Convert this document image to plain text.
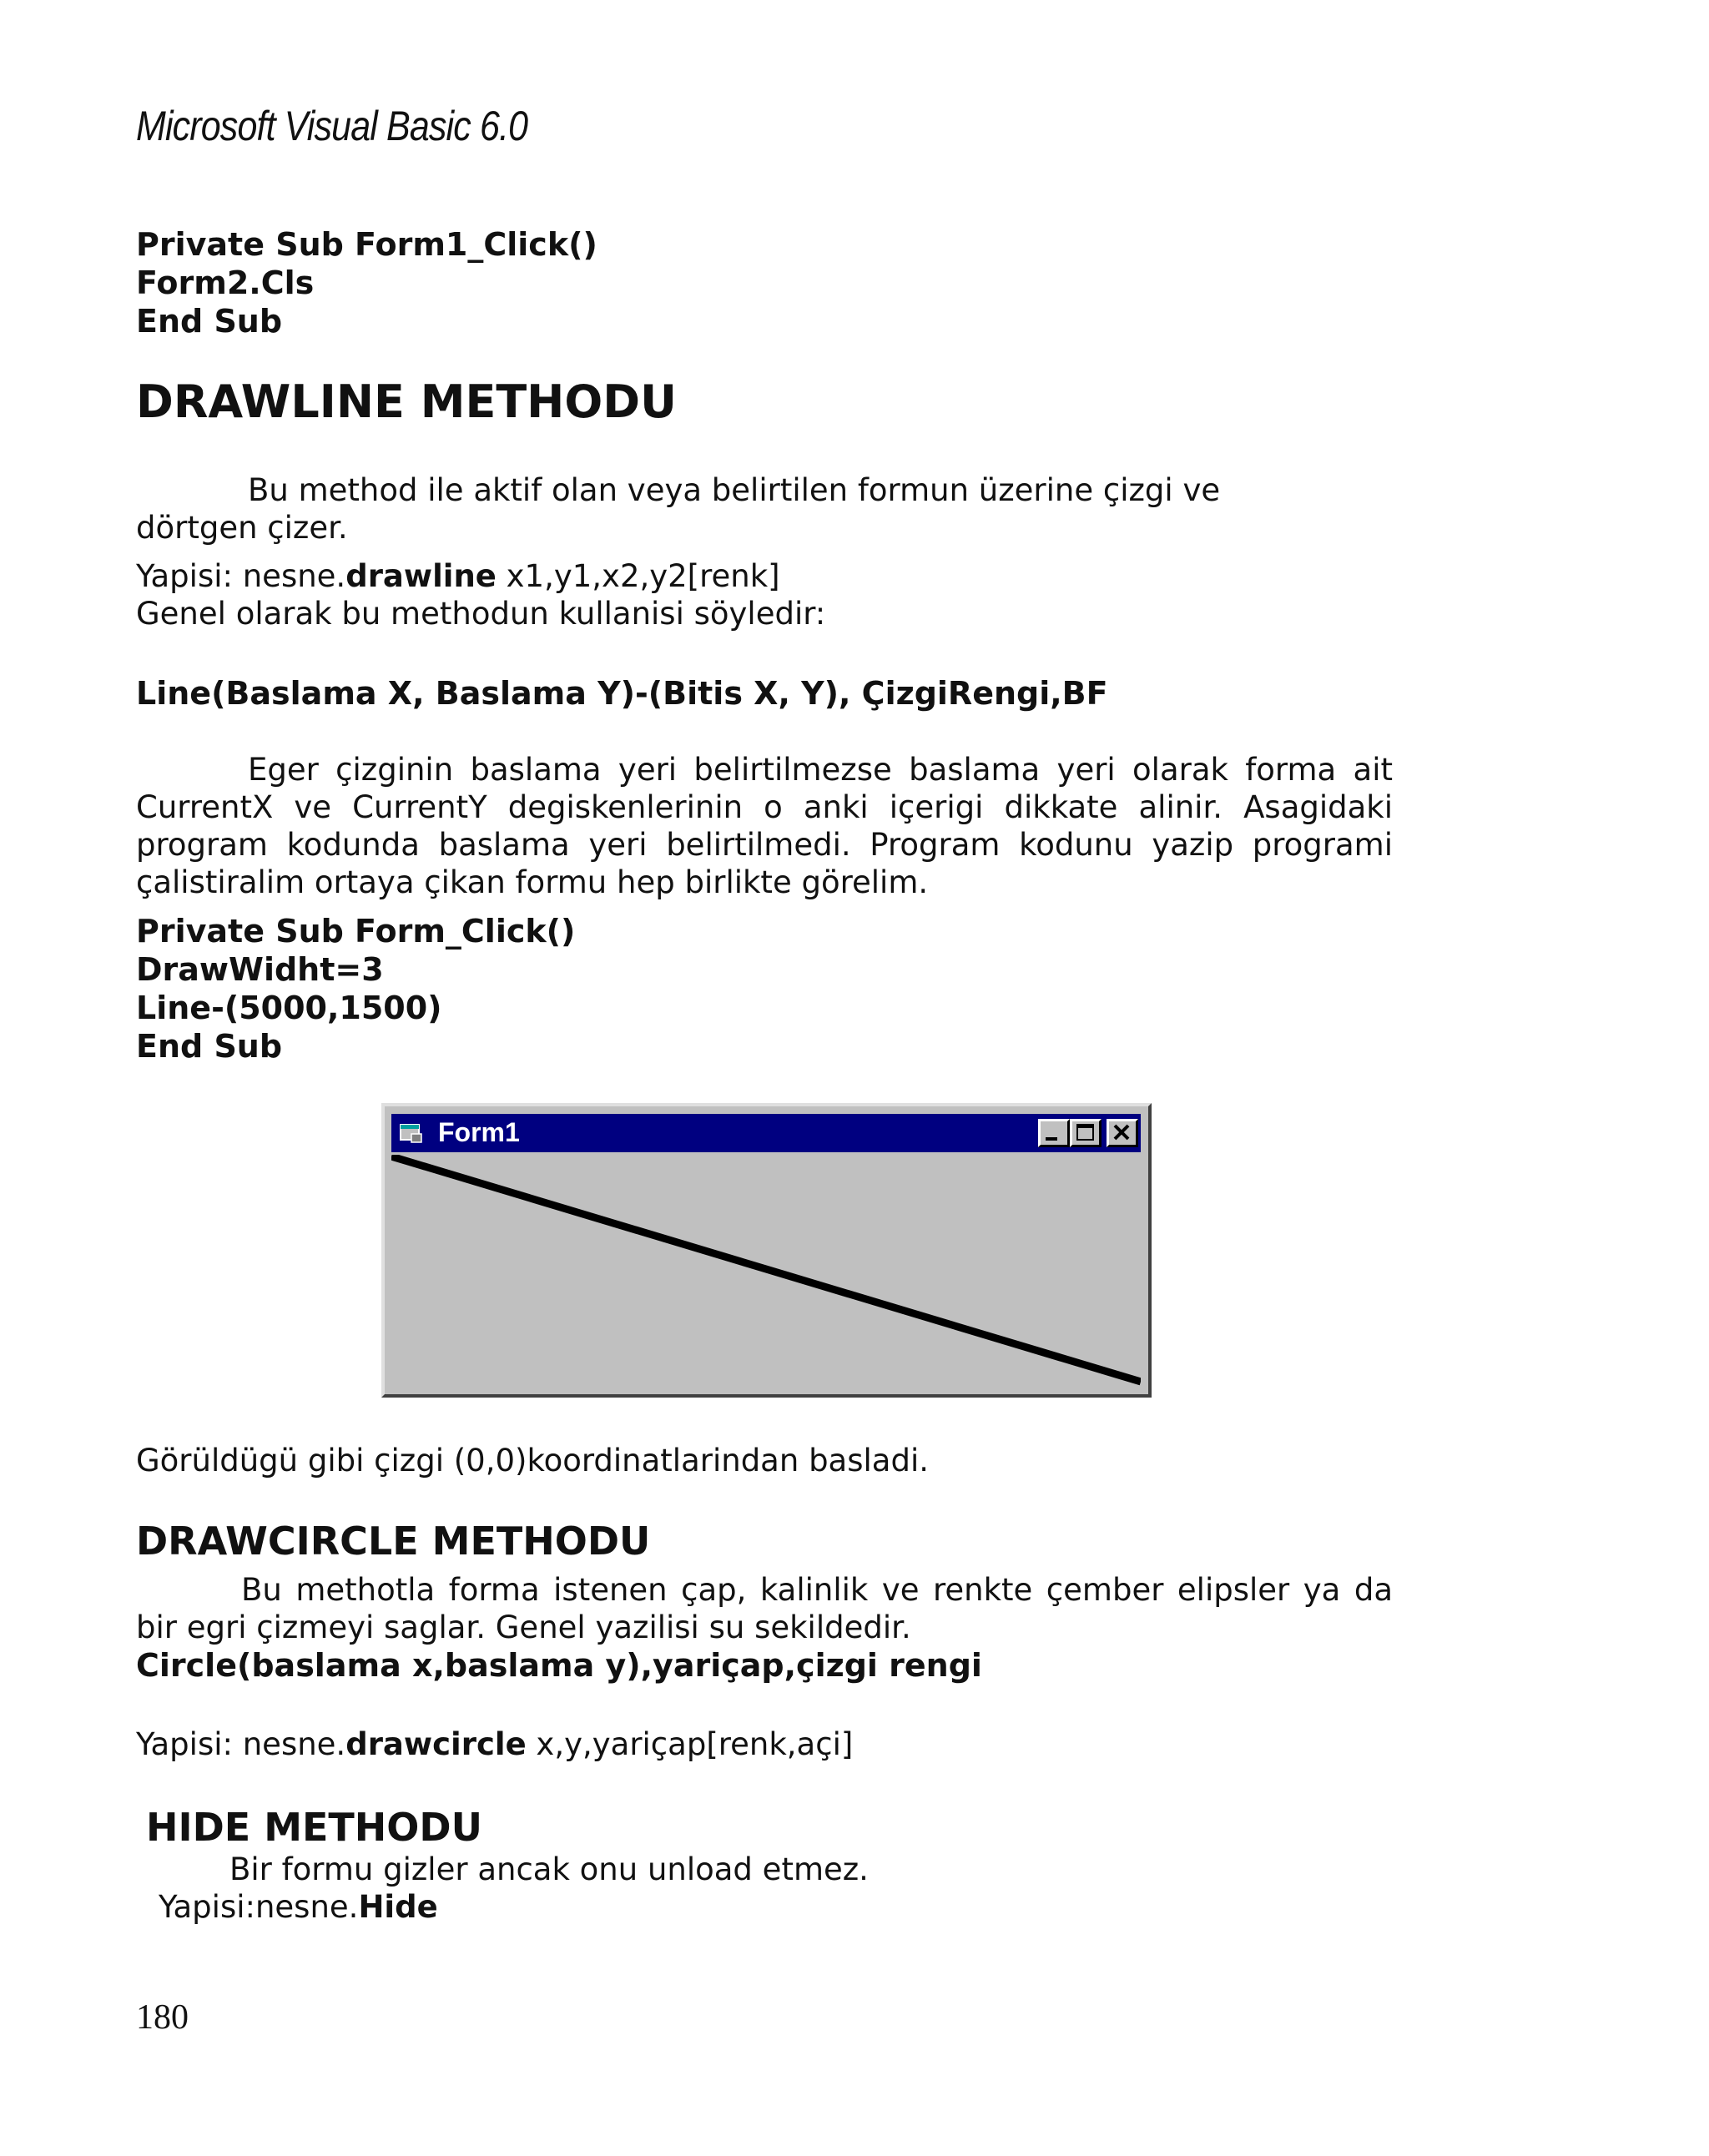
Microsoft Visual Basic 6.0
Private Sub Form1_Click()
Form2.Cls
End Sub
DRAWLINE METHODU
Bu method ile aktif olan veya belirtilen formun üzerine çizgi ve
dörtgen çizer.
Yapisi: nesne.drawline x1,y1,x2,y2[renk]
Genel olarak bu methodun kullanisi söyledir:
Line(Baslama X, Baslama Y)-(Bitis X, Y), ÇizgiRengi,BF
Eger çizginin baslama yeri belirtilmezse baslama yeri olarak forma ait
CurrentX ve CurrentY degiskenlerinin o anki içerigi dikkate alinir. Asagidaki
program kodunda baslama yeri belirtilmedi. Program kodunu yazip programi
çalistiralim ortaya çikan formu hep birlikte görelim.
Private Sub Form_Click()
DrawWidht=3
Line-(5000,1500)
End Sub
Form1
Görüldügü gibi çizgi (0,0)koordinatlarindan basladi.
DRAWCIRCLE METHODU
Bu methotla forma istenen çap, kalinlik ve renkte çember elipsler ya da
bir egri çizmeyi saglar. Genel yazilisi su sekildedir.
Circle(baslama x,baslama y),yariçap,çizgi rengi
Yapisi: nesne.drawcircle x,y,yariçap[renk,açi]
HIDE METHODU
Bir formu gizler ancak onu unload etmez.
Yapisi:nesne.Hide
180
